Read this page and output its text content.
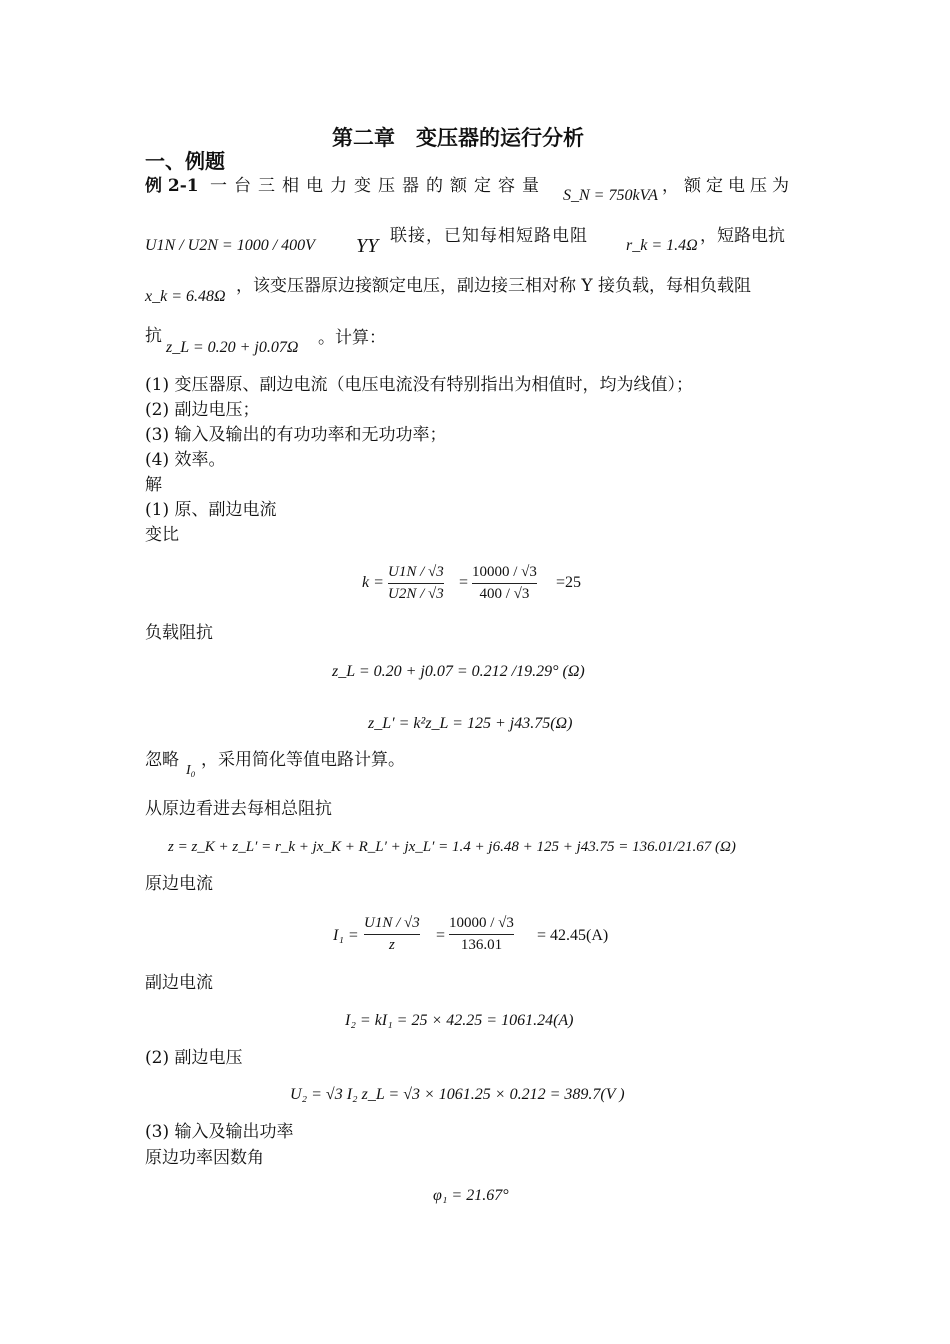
第二章　变压器的运行分析
一、例题
例 2-1 一台三相电力变压器的额定容量 S_N = 750kVA ，额定电压为
U1N / U2N = 1000 / 400V YY 联接，已知每相短路电阻 r_k = 1.4Ω ，短路电抗
x_k = 6.48Ω
，该变压器原边接额定电压，副边接三相对称 Y 接负载，每相负载阻
抗
z_L = 0.20 + j0.07Ω 。计算：
(1) 变压器原、副边电流（电压电流没有特别指出为相值时，均为线值）；
(2) 副边电压；
(3) 输入及输出的有功功率和无功功率；
(4) 效率。
解
(1) 原、副边电流
变比
k =
U1N / √3
U2N / √3
=
10000 / √3
400 / √3
=25
负载阻抗
z_L = 0.20 + j0.07 = 0.212 /19.29° (Ω)
z_L′ = k²z_L = 125 + j43.75(Ω)
忽略
I₀
，采用简化等值电路计算。
从原边看进去每相总阻抗
z = z_K + z_L′ = r_k + jx_K + R_L′ + jx_L′ = 1.4 + j6.48 + 125 + j43.75 = 136.01/21.67 (Ω)
原边电流
I₁ =
U1N / √3
z
=
10000 / √3
136.01
= 42.45(A)
副边电流
I₂ = kI₁ = 25 × 42.25 = 1061.24(A)
(2) 副边电压
U₂ = √3 I₂ z_L = √3 × 1061.25 × 0.212 = 389.7(V )
(3) 输入及输出功率
原边功率因数角
φ₁ = 21.67°
